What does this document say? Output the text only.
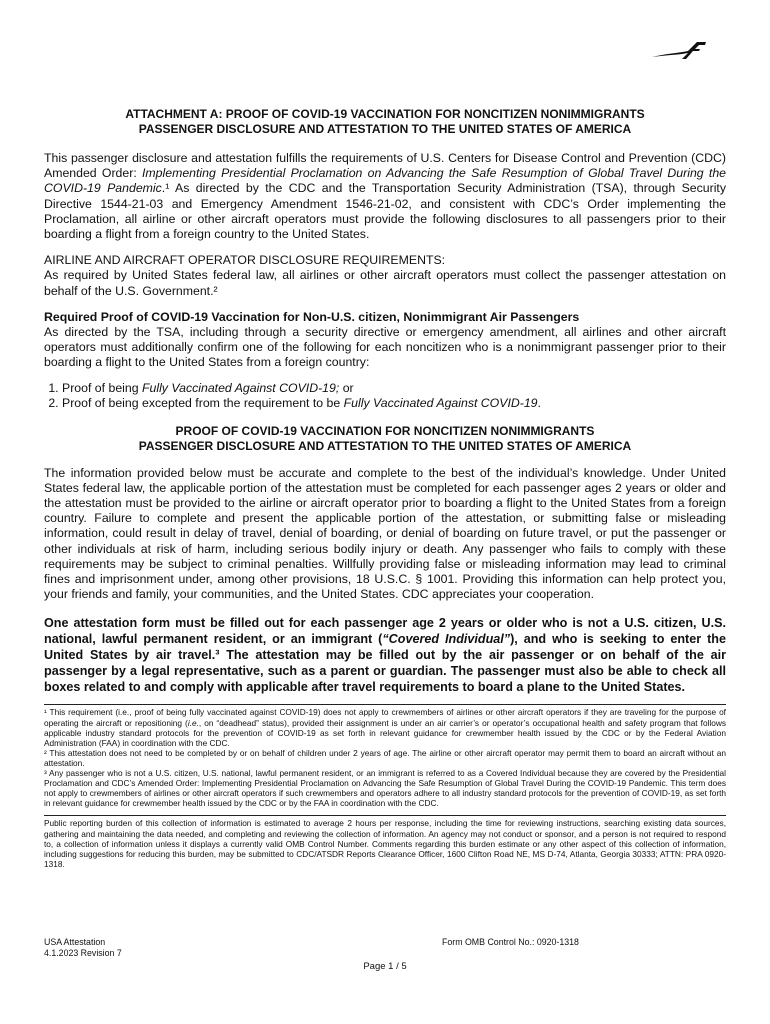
ATTACHMENT A: PROOF OF COVID-19 VACCINATION FOR NONCITIZEN NONIMMIGRANTS

PASSENGER DISCLOSURE AND ATTESTATION TO THE UNITED STATES OF AMERICA

This passenger disclosure and attestation fulfills the requirements of U.S. Centers for Disease Control and Prevention (CDC) Amended Order: Implementing Presidential Proclamation on Advancing the Safe Resumption of Global Travel During the COVID-19 Pandemic.¹ As directed by the CDC and the Transportation Security Administration (TSA), through Security Directive 1544-21-03 and Emergency Amendment 1546-21-02, and consistent with CDC’s Order implementing the Proclamation, all airline or other aircraft operators must provide the following disclosures to all passengers prior to their boarding a flight from a foreign country to the United States.

AIRLINE AND AIRCRAFT OPERATOR DISCLOSURE REQUIREMENTS:

As required by United States federal law, all airlines or other aircraft operators must collect the passenger attestation on behalf of the U.S. Government.²

Required Proof of COVID-19 Vaccination for Non-U.S. citizen, Nonimmigrant Air Passengers

As directed by the TSA, including through a security directive or emergency amendment, all airlines and other aircraft operators must additionally confirm one of the following for each noncitizen who is a nonimmigrant passenger prior to their boarding a flight to the United States from a foreign country:

1. Proof of being Fully Vaccinated Against COVID-19; or
2. Proof of being excepted from the requirement to be Fully Vaccinated Against COVID-19.

PROOF OF COVID-19 VACCINATION FOR NONCITIZEN NONIMMIGRANTS

PASSENGER DISCLOSURE AND ATTESTATION TO THE UNITED STATES OF AMERICA

The information provided below must be accurate and complete to the best of the individual’s knowledge. Under United States federal law, the applicable portion of the attestation must be completed for each passenger ages 2 years or older and the attestation must be provided to the airline or aircraft operator prior to boarding a flight to the United States from a foreign country. Failure to complete and present the applicable portion of the attestation, or submitting false or misleading information, could result in delay of travel, denial of boarding, or denial of boarding on future travel, or put the passenger or other individuals at risk of harm, including serious bodily injury or death. Any passenger who fails to comply with these requirements may be subject to criminal penalties. Willfully providing false or misleading information may lead to criminal fines and imprisonment under, among other provisions, 18 U.S.C. § 1001. Providing this information can help protect you, your friends and family, your communities, and the United States. CDC appreciates your cooperation.

One attestation form must be filled out for each passenger age 2 years or older who is not a U.S. citizen, U.S. national, lawful permanent resident, or an immigrant (“Covered Individual”), and who is seeking to enter the United States by air travel.³ The attestation may be filled out by the air passenger or on behalf of the air passenger by a legal representative, such as a parent or guardian. The passenger must also be able to check all boxes related to and comply with applicable after travel requirements to board a plane to the United States.

¹ This requirement (i.e., proof of being fully vaccinated against COVID-19) does not apply to crewmembers of airlines or other aircraft operators if they are traveling for the purpose of operating the aircraft or repositioning (i.e., on “deadhead” status), provided their assignment is under an air carrier’s or operator’s occupational health and safety program that follows applicable industry standard protocols for the prevention of COVID-19 as set forth in relevant guidance for crewmember health issued by the CDC or by the Federal Aviation Administration (FAA) in coordination with the CDC.

² This attestation does not need to be completed by or on behalf of children under 2 years of age. The airline or other aircraft operator may permit them to board an aircraft without an attestation.

³ Any passenger who is not a U.S. citizen, U.S. national, lawful permanent resident, or an immigrant is referred to as a Covered Individual because they are covered by the Presidential Proclamation and CDC’s Amended Order: Implementing Presidential Proclamation on Advancing the Safe Resumption of Global Travel During the COVID-19 Pandemic. This term does not apply to crewmembers of airlines or other aircraft operators if such crewmembers and operators adhere to all industry standard protocols for the prevention of COVID-19, as set forth in relevant guidance for crewmember health issued by the CDC or by the FAA in coordination with the CDC.

Public reporting burden of this collection of information is estimated to average 2 hours per response, including the time for reviewing instructions, searching existing data sources, gathering and maintaining the data needed, and completing and reviewing the collection of information. An agency may not conduct or sponsor, and a person is not required to respond to, a collection of information unless it displays a currently valid OMB Control Number. Comments regarding this burden estimate or any other aspect of this collection of information, including suggestions for reducing this burden, may be submitted to CDC/ATSDR Reports Clearance Officer, 1600 Clifton Road NE, MS D-74, Atlanta, Georgia 30333; ATTN: PRA 0920-1318.

USA Attestation
4.1.2023 Revision 7
Form OMB Control No.: 0920-1318
Page 1 / 5
